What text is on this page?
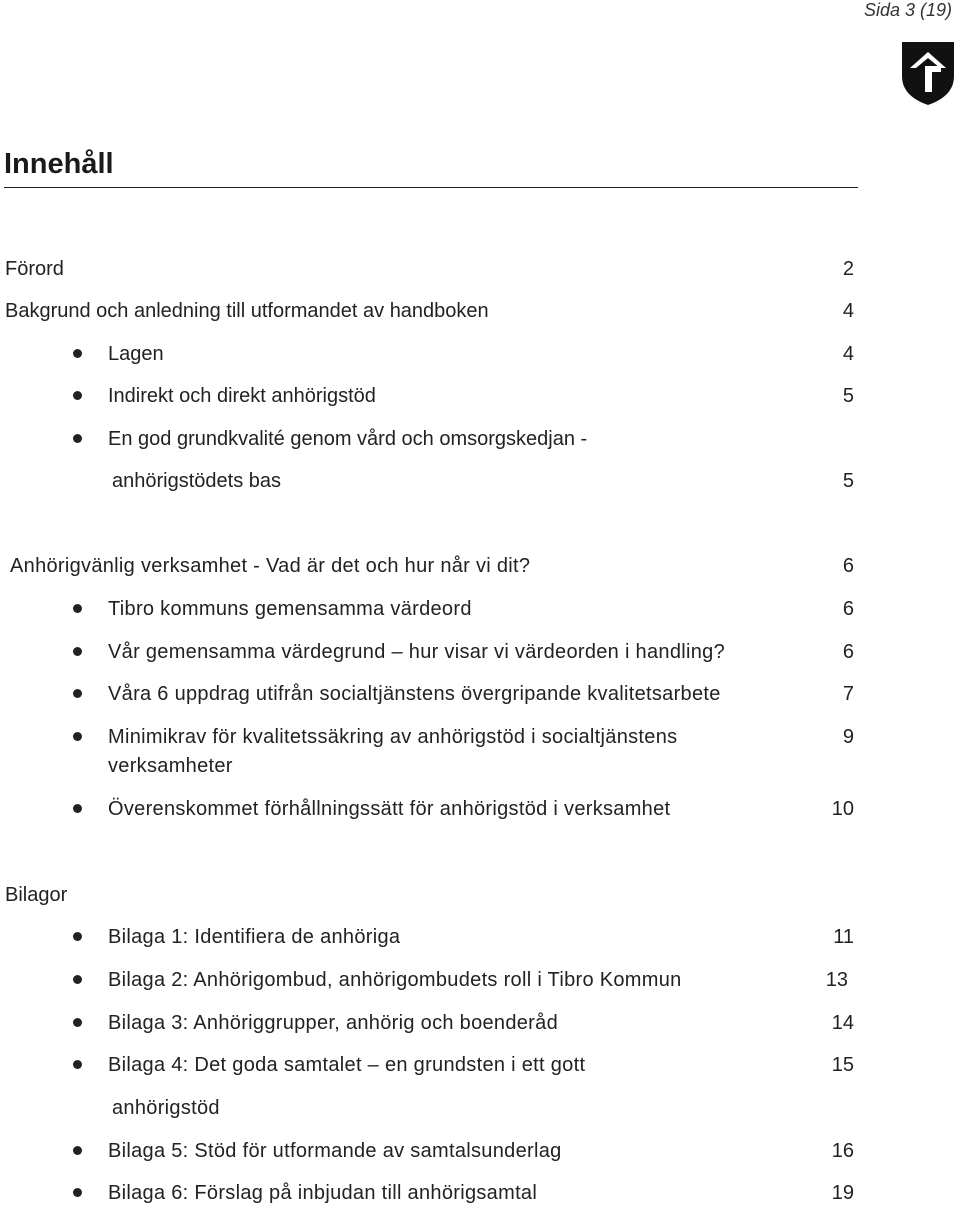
Sida 3 (19)
Innehåll
Förord	2
Bakgrund och anledning till utformandet av handboken	4
Lagen	4
Indirekt och direkt anhörigstöd	5
En god grundkvalité genom vård och omsorgskedjan -
anhörigstödets bas	5
Anhörigvänlig verksamhet - Vad är det och hur når vi dit?	6
Tibro kommuns gemensamma värdeord	6
Vår gemensamma värdegrund – hur visar vi värdeorden i handling?	6
Våra 6 uppdrag utifrån socialtjänstens övergripande kvalitetsarbete	7
Minimikrav för kvalitetssäkring av anhörigstöd i socialtjänstens	9
verksamheter
Överenskommet förhållningssätt för anhörigstöd i verksamhet	10
Bilagor
Bilaga 1: Identifiera de anhöriga	11
Bilaga 2: Anhörigombud, anhörigombudets roll i Tibro Kommun	13
Bilaga 3: Anhöriggrupper, anhörig och boenderåd	14
Bilaga 4: Det goda samtalet – en grundsten i ett gott	15
anhörigstöd
Bilaga 5: Stöd för utformande av samtalsunderlag	16
Bilaga 6: Förslag på inbjudan till anhörigsamtal	19
